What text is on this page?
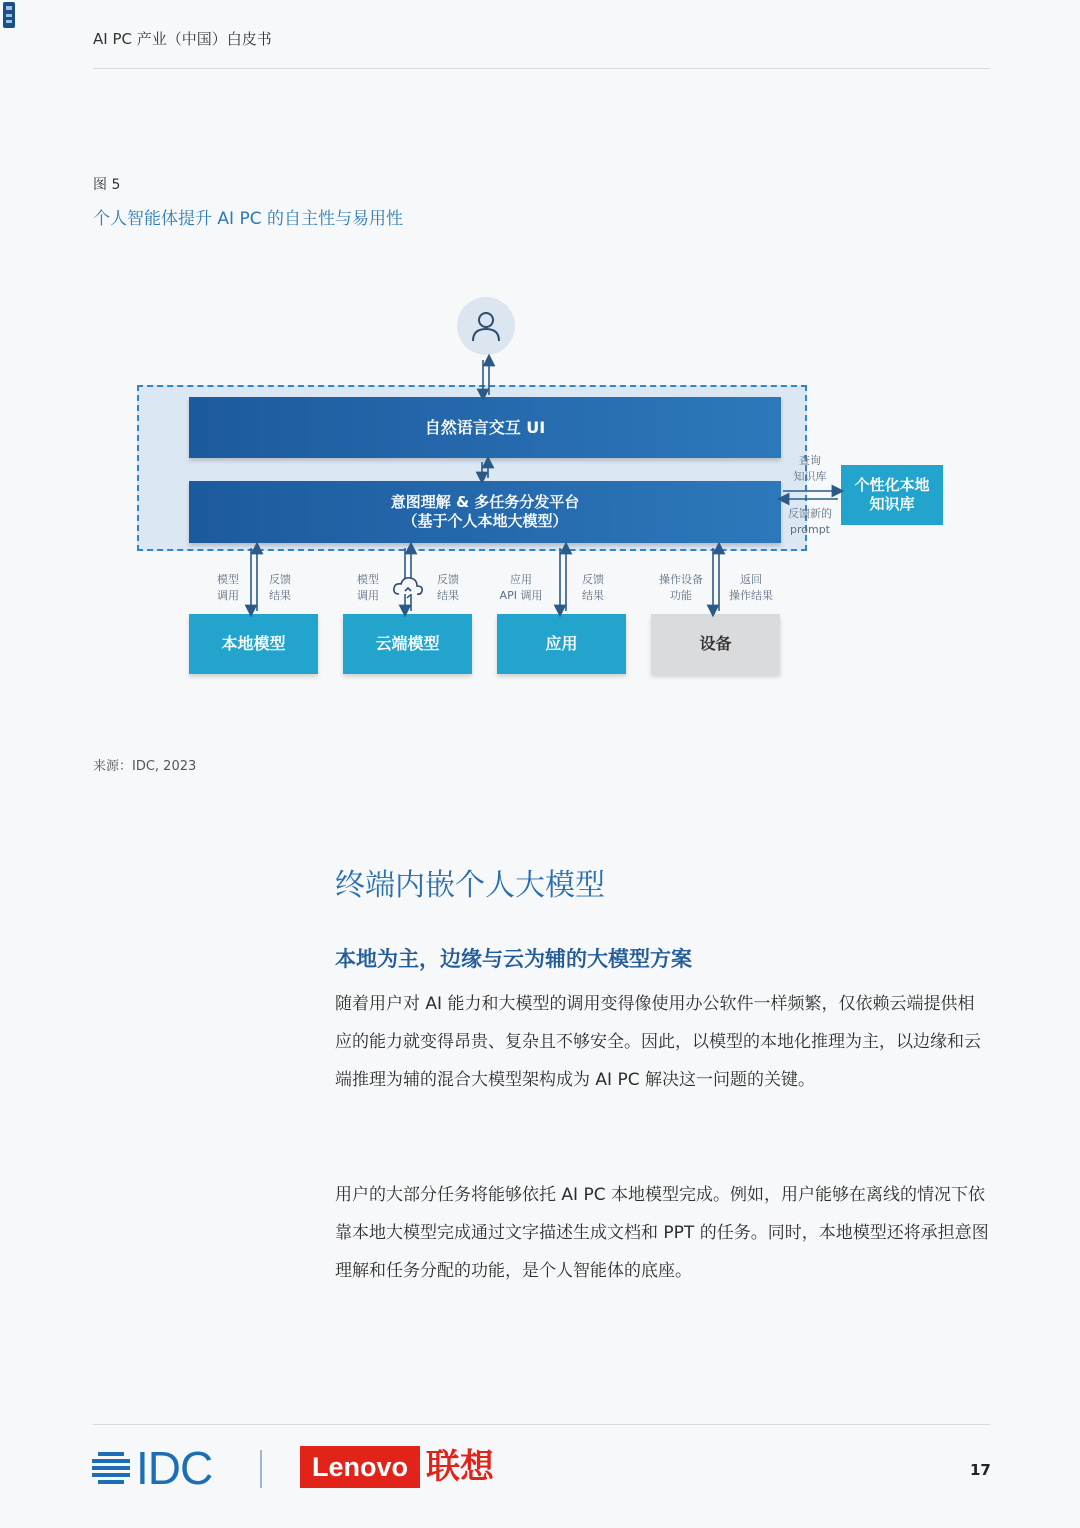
AI PC 产业（中国）白皮书
图 5
个人智能体提升 AI PC 的自主性与易用性
自然语言交互 UI
意图理解 & 多任务分发平台
（基于个人本地大模型）
个性化本地
知识库
查询
知识库
反馈新的
prompt
模型
调用
反馈
结果
模型
调用
反馈
结果
应用
API 调用
反馈
结果
操作设备
功能
返回
操作结果
本地模型	云端模型	应用	设备
来源：IDC, 2023
终端内嵌个人大模型
本地为主，边缘与云为辅的大模型方案
随着用户对 AI 能力和大模型的调用变得像使用办公软件一样频繁，仅依赖云端提供相应的能力就变得昂贵、复杂且不够安全。因此，以模型的本地化推理为主，以边缘和云端推理为辅的混合大模型架构成为 AI PC 解决这一问题的关键。
用户的大部分任务将能够依托 AI PC 本地模型完成。例如，用户能够在离线的情况下依靠本地大模型完成通过文字描述生成文档和 PPT 的任务。同时，本地模型还将承担意图理解和任务分配的功能，是个人智能体的底座。
IDC	Lenovo 联想	17
